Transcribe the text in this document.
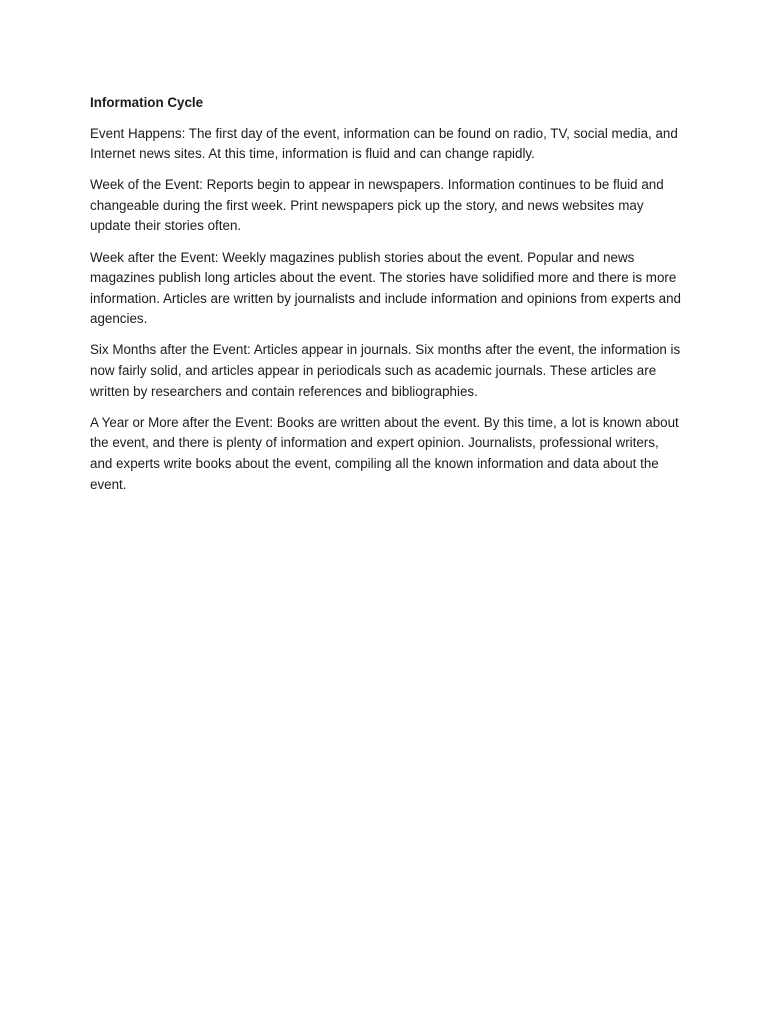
Information Cycle

Event Happens: The first day of the event, information can be found on radio, TV, social media, and Internet news sites. At this time, information is fluid and can change rapidly.

Week of the Event: Reports begin to appear in newspapers. Information continues to be fluid and changeable during the first week. Print newspapers pick up the story, and news websites may update their stories often.

Week after the Event: Weekly magazines publish stories about the event. Popular and news magazines publish long articles about the event. The stories have solidified more and there is more information. Articles are written by journalists and include information and opinions from experts and agencies.

Six Months after the Event: Articles appear in journals. Six months after the event, the information is now fairly solid, and articles appear in periodicals such as academic journals. These articles are written by researchers and contain references and bibliographies.

A Year or More after the Event: Books are written about the event. By this time, a lot is known about the event, and there is plenty of information and expert opinion. Journalists, professional writers, and experts write books about the event, compiling all the known information and data about the event.
